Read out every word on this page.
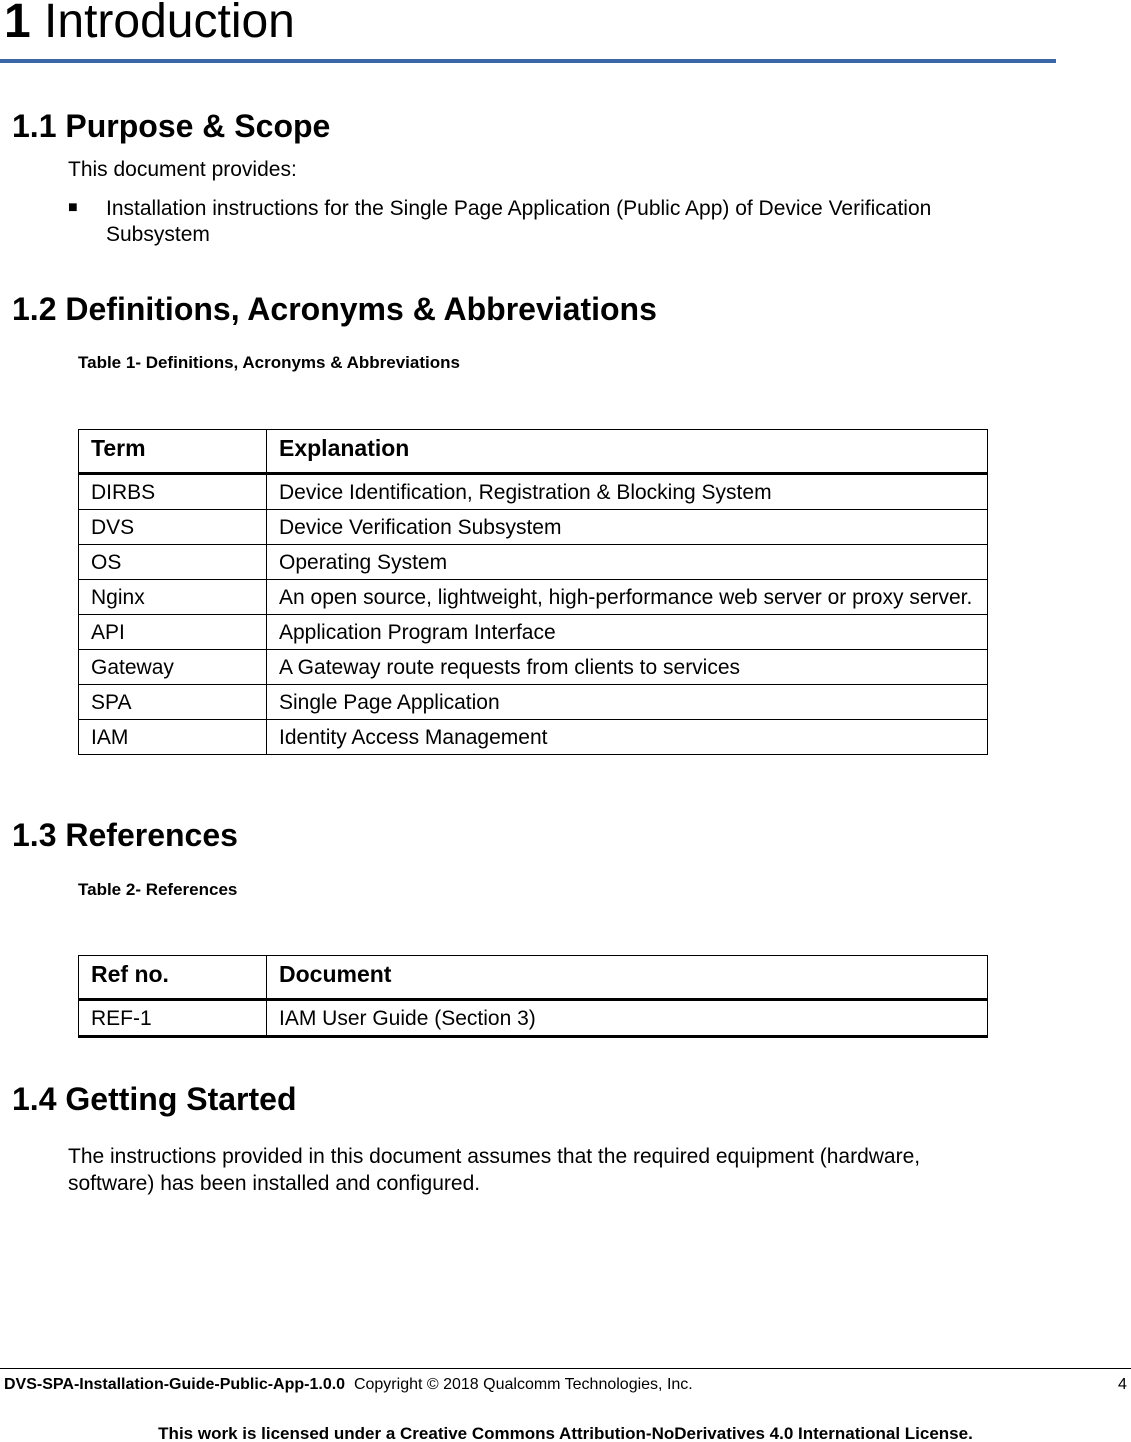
1 Introduction
1.1 Purpose & Scope
This document provides:
■ Installation instructions for the Single Page Application (Public App) of Device Verification
Subsystem
1.2 Definitions, Acronyms & Abbreviations
Table 1- Definitions, Acronyms & Abbreviations
Term	Explanation
DIRBS	Device Identification, Registration & Blocking System
DVS	Device Verification Subsystem
OS	Operating System
Nginx	An open source, lightweight, high-performance web server or proxy server.
API	Application Program Interface
Gateway	A Gateway route requests from clients to services
SPA	Single Page Application
IAM	Identity Access Management
1.3 References
Table 2- References
Ref no.	Document
REF-1	IAM User Guide (Section 3)
1.4 Getting Started
The instructions provided in this document assumes that the required equipment (hardware,
software) has been installed and configured.
DVS-SPA-Installation-Guide-Public-App-1.0.0 Copyright © 2018 Qualcomm Technologies, Inc.	4
This work is licensed under a Creative Commons Attribution-NoDerivatives 4.0 International License.
